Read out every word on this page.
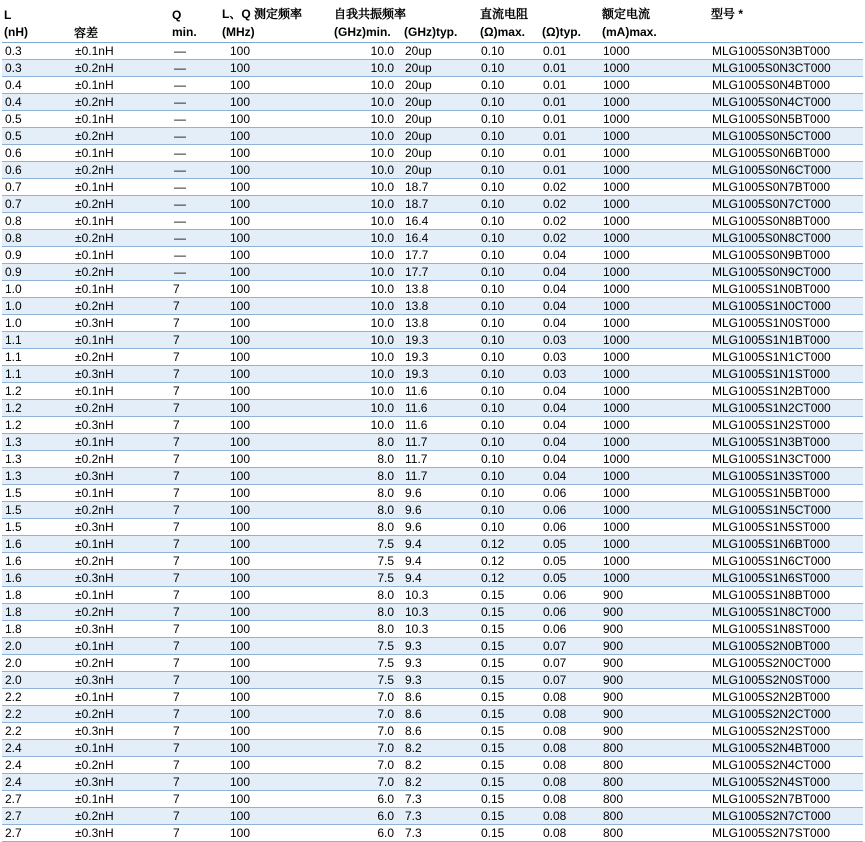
L		Q	L、Q 测定频率	自我共振频率		直流电阻		额定电流	型号 *
(nH)	容差	min.	(MHz)	(GHz)min.	(GHz)typ.	(Ω)max.	(Ω)typ.	(mA)max.	
0.3	±0.1nH	—	100	10.0	20up	0.10	0.01	1000	MLG1005S0N3BT000
0.3	±0.2nH	—	100	10.0	20up	0.10	0.01	1000	MLG1005S0N3CT000
0.4	±0.1nH	—	100	10.0	20up	0.10	0.01	1000	MLG1005S0N4BT000
0.4	±0.2nH	—	100	10.0	20up	0.10	0.01	1000	MLG1005S0N4CT000
0.5	±0.1nH	—	100	10.0	20up	0.10	0.01	1000	MLG1005S0N5BT000
0.5	±0.2nH	—	100	10.0	20up	0.10	0.01	1000	MLG1005S0N5CT000
0.6	±0.1nH	—	100	10.0	20up	0.10	0.01	1000	MLG1005S0N6BT000
0.6	±0.2nH	—	100	10.0	20up	0.10	0.01	1000	MLG1005S0N6CT000
0.7	±0.1nH	—	100	10.0	18.7	0.10	0.02	1000	MLG1005S0N7BT000
0.7	±0.2nH	—	100	10.0	18.7	0.10	0.02	1000	MLG1005S0N7CT000
0.8	±0.1nH	—	100	10.0	16.4	0.10	0.02	1000	MLG1005S0N8BT000
0.8	±0.2nH	—	100	10.0	16.4	0.10	0.02	1000	MLG1005S0N8CT000
0.9	±0.1nH	—	100	10.0	17.7	0.10	0.04	1000	MLG1005S0N9BT000
0.9	±0.2nH	—	100	10.0	17.7	0.10	0.04	1000	MLG1005S0N9CT000
1.0	±0.1nH	7	100	10.0	13.8	0.10	0.04	1000	MLG1005S1N0BT000
1.0	±0.2nH	7	100	10.0	13.8	0.10	0.04	1000	MLG1005S1N0CT000
1.0	±0.3nH	7	100	10.0	13.8	0.10	0.04	1000	MLG1005S1N0ST000
1.1	±0.1nH	7	100	10.0	19.3	0.10	0.03	1000	MLG1005S1N1BT000
1.1	±0.2nH	7	100	10.0	19.3	0.10	0.03	1000	MLG1005S1N1CT000
1.1	±0.3nH	7	100	10.0	19.3	0.10	0.03	1000	MLG1005S1N1ST000
1.2	±0.1nH	7	100	10.0	11.6	0.10	0.04	1000	MLG1005S1N2BT000
1.2	±0.2nH	7	100	10.0	11.6	0.10	0.04	1000	MLG1005S1N2CT000
1.2	±0.3nH	7	100	10.0	11.6	0.10	0.04	1000	MLG1005S1N2ST000
1.3	±0.1nH	7	100	8.0	11.7	0.10	0.04	1000	MLG1005S1N3BT000
1.3	±0.2nH	7	100	8.0	11.7	0.10	0.04	1000	MLG1005S1N3CT000
1.3	±0.3nH	7	100	8.0	11.7	0.10	0.04	1000	MLG1005S1N3ST000
1.5	±0.1nH	7	100	8.0	9.6	0.10	0.06	1000	MLG1005S1N5BT000
1.5	±0.2nH	7	100	8.0	9.6	0.10	0.06	1000	MLG1005S1N5CT000
1.5	±0.3nH	7	100	8.0	9.6	0.10	0.06	1000	MLG1005S1N5ST000
1.6	±0.1nH	7	100	7.5	9.4	0.12	0.05	1000	MLG1005S1N6BT000
1.6	±0.2nH	7	100	7.5	9.4	0.12	0.05	1000	MLG1005S1N6CT000
1.6	±0.3nH	7	100	7.5	9.4	0.12	0.05	1000	MLG1005S1N6ST000
1.8	±0.1nH	7	100	8.0	10.3	0.15	0.06	900	MLG1005S1N8BT000
1.8	±0.2nH	7	100	8.0	10.3	0.15	0.06	900	MLG1005S1N8CT000
1.8	±0.3nH	7	100	8.0	10.3	0.15	0.06	900	MLG1005S1N8ST000
2.0	±0.1nH	7	100	7.5	9.3	0.15	0.07	900	MLG1005S2N0BT000
2.0	±0.2nH	7	100	7.5	9.3	0.15	0.07	900	MLG1005S2N0CT000
2.0	±0.3nH	7	100	7.5	9.3	0.15	0.07	900	MLG1005S2N0ST000
2.2	±0.1nH	7	100	7.0	8.6	0.15	0.08	900	MLG1005S2N2BT000
2.2	±0.2nH	7	100	7.0	8.6	0.15	0.08	900	MLG1005S2N2CT000
2.2	±0.3nH	7	100	7.0	8.6	0.15	0.08	900	MLG1005S2N2ST000
2.4	±0.1nH	7	100	7.0	8.2	0.15	0.08	800	MLG1005S2N4BT000
2.4	±0.2nH	7	100	7.0	8.2	0.15	0.08	800	MLG1005S2N4CT000
2.4	±0.3nH	7	100	7.0	8.2	0.15	0.08	800	MLG1005S2N4ST000
2.7	±0.1nH	7	100	6.0	7.3	0.15	0.08	800	MLG1005S2N7BT000
2.7	±0.2nH	7	100	6.0	7.3	0.15	0.08	800	MLG1005S2N7CT000
2.7	±0.3nH	7	100	6.0	7.3	0.15	0.08	800	MLG1005S2N7ST000
